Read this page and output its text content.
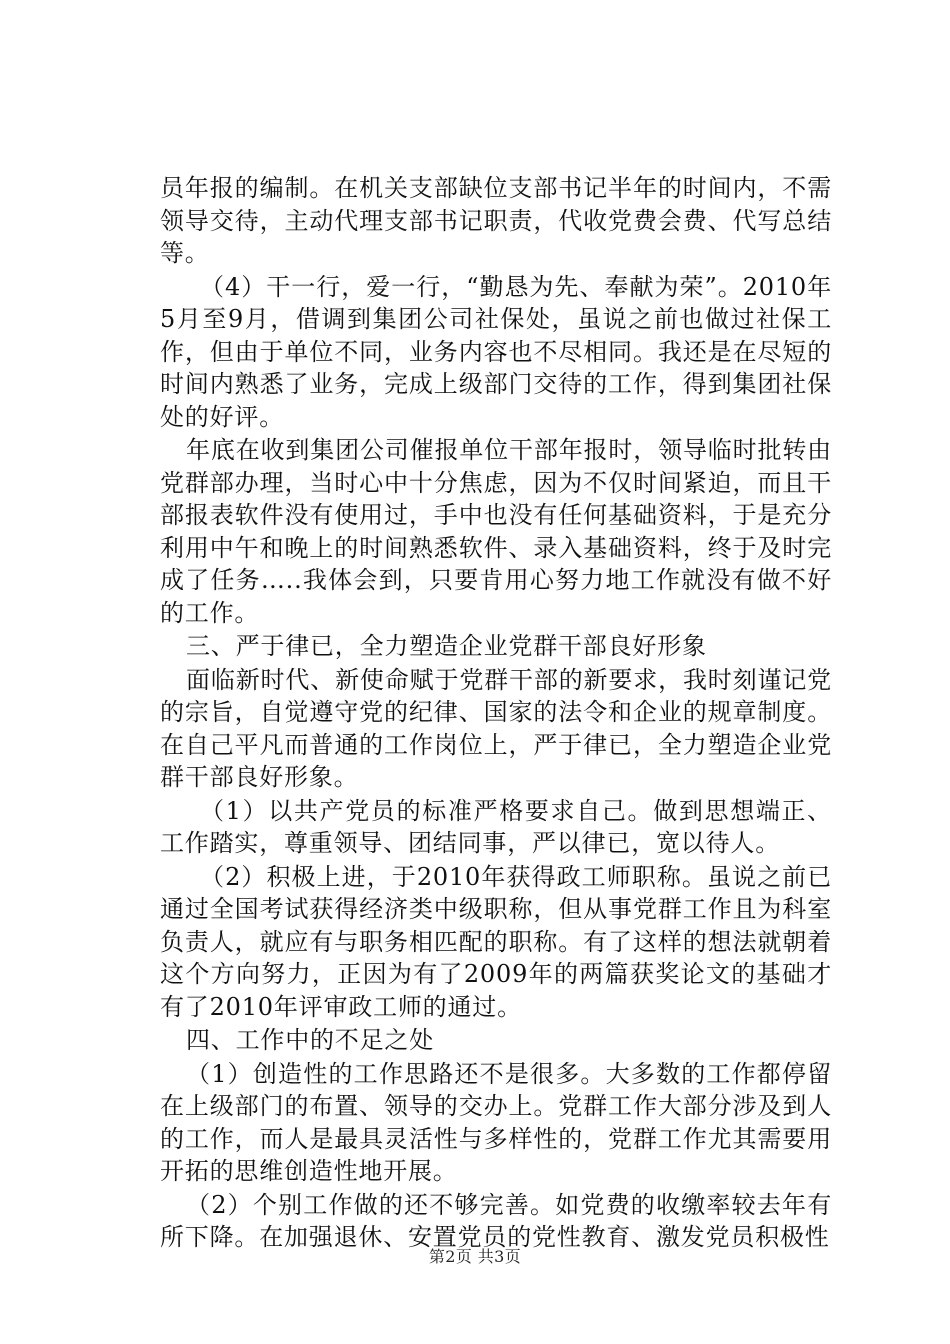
员年报的编制。在机关支部缺位支部书记半年的时间内，不需领导交待，主动代理支部书记职责，代收党费会费、代写总结等。

（4）干一行，爱一行，“勤恳为先、奉献为荣”。2010年5月至9月，借调到集团公司社保处，虽说之前也做过社保工作，但由于单位不同，业务内容也不尽相同。我还是在尽短的时间内熟悉了业务，完成上级部门交待的工作，得到集团社保处的好评。

年底在收到集团公司催报单位干部年报时，领导临时批转由党群部办理，当时心中十分焦虑，因为不仅时间紧迫，而且干部报表软件没有使用过，手中也没有任何基础资料，于是充分利用中午和晚上的时间熟悉软件、录入基础资料，终于及时完成了任务…..我体会到，只要肯用心努力地工作就没有做不好的工作。

三、严于律已，全力塑造企业党群干部良好形象

面临新时代、新使命赋于党群干部的新要求，我时刻谨记党的宗旨，自觉遵守党的纪律、国家的法令和企业的规章制度。在自己平凡而普通的工作岗位上，严于律已，全力塑造企业党群干部良好形象。

（1）以共产党员的标准严格要求自己。做到思想端正、工作踏实，尊重领导、团结同事，严以律已，宽以待人。

（2）积极上进，于2010年获得政工师职称。虽说之前已通过全国考试获得经济类中级职称，但从事党群工作且为科室负责人，就应有与职务相匹配的职称。有了这样的想法就朝着这个方向努力，正因为有了2009年的两篇获奖论文的基础才有了2010年评审政工师的通过。

四、工作中的不足之处

（1）创造性的工作思路还不是很多。大多数的工作都停留在上级部门的布置、领导的交办上。党群工作大部分涉及到人的工作，而人是最具灵活性与多样性的，党群工作尤其需要用开拓的思维创造性地开展。

（2）个别工作做的还不够完善。如党费的收缴率较去年有所下降。在加强退休、安置党员的党性教育、激发党员积极性

第2页 共3页
